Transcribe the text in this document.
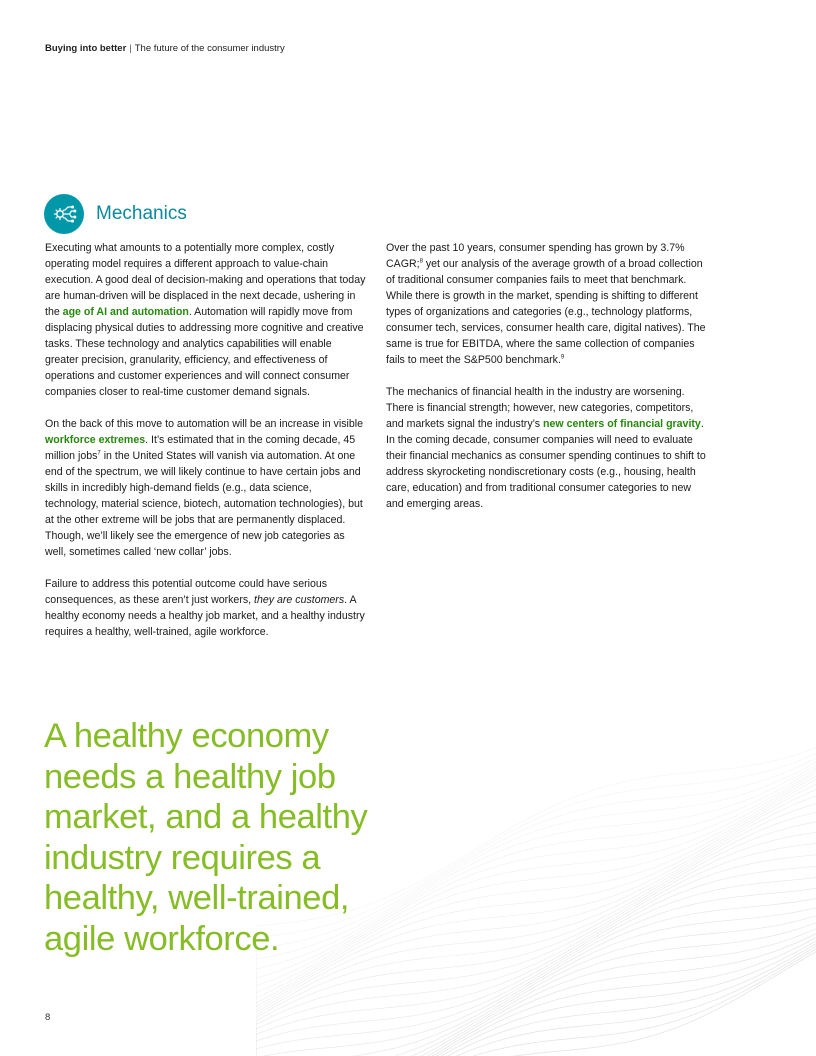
Buying into better | The future of the consumer industry
Mechanics

Executing what amounts to a potentially more complex, costly operating model requires a different approach to value-chain execution. A good deal of decision-making and operations that today are human-driven will be displaced in the next decade, ushering in the age of AI and automation. Automation will rapidly move from displacing physical duties to addressing more cognitive and creative tasks. These technology and analytics capabilities will enable greater precision, granularity, efficiency, and effectiveness of operations and customer experiences and will connect consumer companies closer to real-time customer demand signals.

On the back of this move to automation will be an increase in visible workforce extremes. It’s estimated that in the coming decade, 45 million jobs$^7$ in the United States will vanish via automation. At one end of the spectrum, we will likely continue to have certain jobs and skills in incredibly high-demand fields (e.g., data science, technology, material science, biotech, automation technologies), but at the other extreme will be jobs that are permanently displaced. Though, we’ll likely see the emergence of new job categories as well, sometimes called ‘new collar’ jobs.

Failure to address this potential outcome could have serious consequences, as these aren’t just workers, they are customers. A healthy economy needs a healthy job market, and a healthy industry requires a healthy, well-trained, agile workforce.

Over the past 10 years, consumer spending has grown by 3.7% CAGR;$^8$ yet our analysis of the average growth of a broad collection of traditional consumer companies fails to meet that benchmark. While there is growth in the market, spending is shifting to different types of organizations and categories (e.g., technology platforms, consumer tech, services, consumer health care, digital natives). The same is true for EBITDA, where the same collection of companies fails to meet the S&P500 benchmark.$^9$

The mechanics of financial health in the industry are worsening. There is financial strength; however, new categories, competitors, and markets signal the industry’s new centers of financial gravity. In the coming decade, consumer companies will need to evaluate their financial mechanics as consumer spending continues to shift to address skyrocketing nondiscretionary costs (e.g., housing, health care, education) and from traditional consumer categories to new and emerging areas.

A healthy economy needs a healthy job market, and a healthy industry requires a healthy, well-trained, agile workforce.
8
